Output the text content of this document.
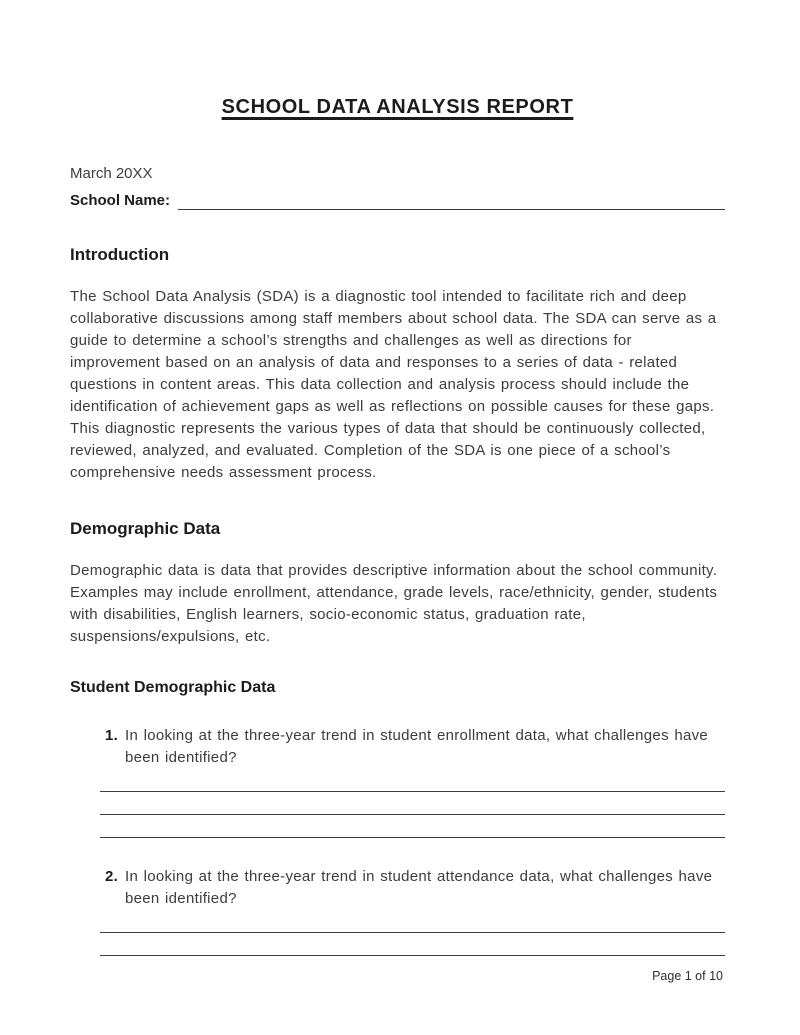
SCHOOL DATA ANALYSIS REPORT

March 20XX

School Name:
Introduction

The School Data Analysis (SDA) is a diagnostic tool intended to facilitate rich and deep collaborative discussions among staff members about school data. The SDA can serve as a guide to determine a school’s strengths and challenges as well as directions for improvement based on an analysis of data and responses to a series of data - related questions in content areas. This data collection and analysis process should include the identification of achievement gaps as well as reflections on possible causes for these gaps. This diagnostic represents the various types of data that should be continuously collected, reviewed, analyzed, and evaluated. Completion of the SDA is one piece of a school’s comprehensive needs assessment process.

Demographic Data

Demographic data is data that provides descriptive information about the school community. Examples may include enrollment, attendance, grade levels, race/ethnicity, gender, students with disabilities, English learners, socio-economic status, graduation rate, suspensions/expulsions, etc.

Student Demographic Data
1. In looking at the three-year trend in student enrollment data, what challenges have been identified?
2. In looking at the three-year trend in student attendance data, what challenges have been identified?
Page 1 of 10
